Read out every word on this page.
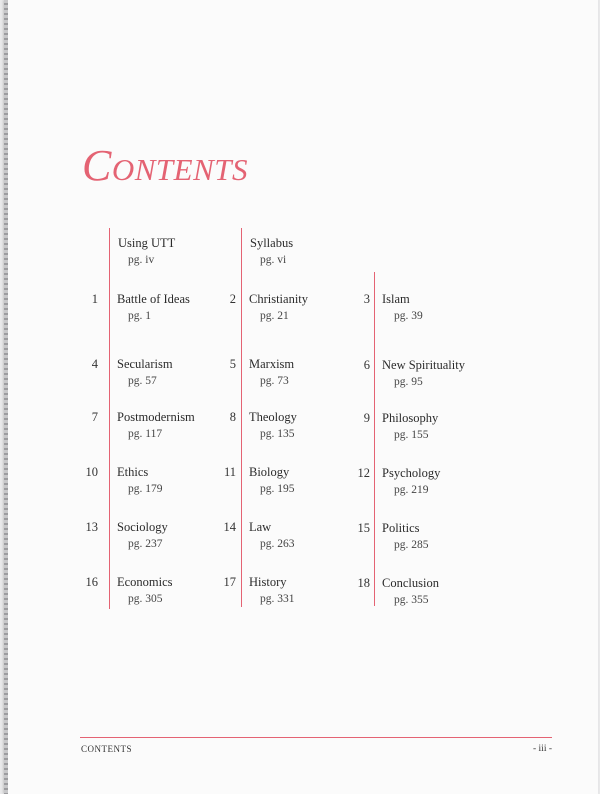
Contents
Using UTT
pg. iv
Syllabus
pg. vi
1 Battle of Ideas
pg. 1
2 Christianity
pg. 21
3 Islam
pg. 39
4 Secularism
pg. 57
5 Marxism
pg. 73
6 New Spirituality
pg. 95
7 Postmodernism
pg. 117
8 Theology
pg. 135
9 Philosophy
pg. 155
10 Ethics
pg. 179
11 Biology
pg. 195
12 Psychology
pg. 219
13 Sociology
pg. 237
14 Law
pg. 263
15 Politics
pg. 285
16 Economics
pg. 305
17 History
pg. 331
18 Conclusion
pg. 355
CONTENTS	- iii -
